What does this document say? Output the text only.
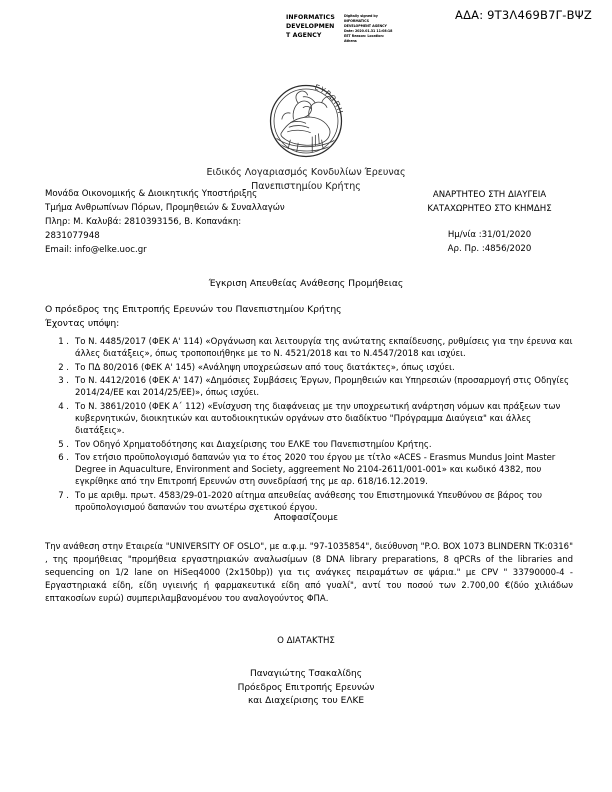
ΑΔΑ: 9Τ3Λ469Β7Γ-ΒΨΖ
INFORMATICS DEVELOPMEN T AGENCY
Digitally signed by INFORMATICS DEVELOPMENT AGENCY Date: 2020.01.31 11:08:18 EET Reason: Location: Athens
ΕΥΡΩΠΗ
Ειδικός Λογαριασμός Κονδυλίων Έρευνας
Πανεπιστημίου Κρήτης
Μονάδα Οικονομικής & Διοικητικής Υποστήριξης
Τμήμα Ανθρωπίνων Πόρων, Προμηθειών & Συναλλαγών
Πληρ: Μ. Καλυβά: 2810393156, Β. Κοπανάκη:
2831077948
Email: info@elke.uoc.gr
ΑΝΑΡΤΗΤΕΟ ΣΤΗ ΔΙΑΥΓΕΙΑ
ΚΑΤΑΧΩΡΗΤΕΟ ΣΤΟ ΚΗΜΔΗΣ
Ημ/νία :31/01/2020
Αρ. Πρ. :4856/2020
Έγκριση Απευθείας Ανάθεσης Προμήθειας
Ο πρόεδρος της Επιτροπής Ερευνών του Πανεπιστημίου Κρήτης
Έχοντας υπόψη:
1 . Το Ν. 4485/2017 (ΦΕΚ Α' 114) «Οργάνωση και λειτουργία της ανώτατης εκπαίδευσης, ρυθμίσεις για την έρευνα και άλλες διατάξεις», όπως τροποποιήθηκε με το Ν. 4521/2018 και το Ν.4547/2018 και ισχύει.
2 . Το ΠΔ 80/2016 (ΦΕΚ Α' 145) «Ανάληψη υποχρεώσεων από τους διατάκτες», όπως ισχύει.
3 . Το Ν. 4412/2016 (ΦΕΚ Α' 147) «Δημόσιες Συμβάσεις Έργων, Προμηθειών και Υπηρεσιών (προσαρμογή στις Οδηγίες 2014/24/ΕΕ και 2014/25/ΕΕ)», όπως ισχύει.
4 . Το Ν. 3861/2010 (ΦΕΚ Α΄ 112) «Ενίσχυση της διαφάνειας με την υποχρεωτική ανάρτηση νόμων και πράξεων των κυβερνητικών, διοικητικών και αυτοδιοικητικών οργάνων στο διαδίκτυο "Πρόγραμμα Διαύγεια" και άλλες διατάξεις».
5 . Τον Οδηγό Χρηματοδότησης και Διαχείρισης του ΕΛΚΕ του Πανεπιστημίου Κρήτης.
6 . Τον ετήσιο προϋπολογισμό δαπανών για το έτος 2020 του έργου με τίτλο «ACES - Erasmus Mundus Joint Master Degree in Aquaculture, Environment and Society, aggreement No 2104-2611/001-001» και κωδικό 4382, που εγκρίθηκε από την Επιτροπή Ερευνών στη συνεδρίασή της με αρ. 618/16.12.2019.
7 . Το με αριθμ. πρωτ. 4583/29-01-2020 αίτημα απευθείας ανάθεσης του Επιστημονικά Υπευθύνου σε βάρος του προϋπολογισμού δαπανών του ανωτέρω σχετικού έργου.
Αποφασίζουμε
Την ανάθεση στην Εταιρεία "UNIVERSITY OF OSLO", με α.φ.μ. "97-1035854", διεύθυνση "P.O. BOX 1073 BLINDERN TK:0316" , της προμήθειας "προμήθεια εργαστηριακών αναλωσίμων (8 DNA library preparations, 8 qPCRs of the libraries and sequencing on 1/2 lane on HiSeq4000 (2x150bp)) για τις ανάγκες πειραμάτων σε ψάρια." με CPV " 33790000-4 - Εργαστηριακά είδη, είδη υγιεινής ή φαρμακευτικά είδη από γυαλί", αντί του ποσού των 2.700,00 €(δύο χιλιάδων επτακοσίων ευρώ) συμπεριλαμβανομένου του αναλογούντος ΦΠΑ.
Ο ΔΙΑΤΑΚΤΗΣ
Παναγιώτης Τσακαλίδης
Πρόεδρος Επιτροπής Ερευνών
και Διαχείρισης του ΕΛΚΕ
